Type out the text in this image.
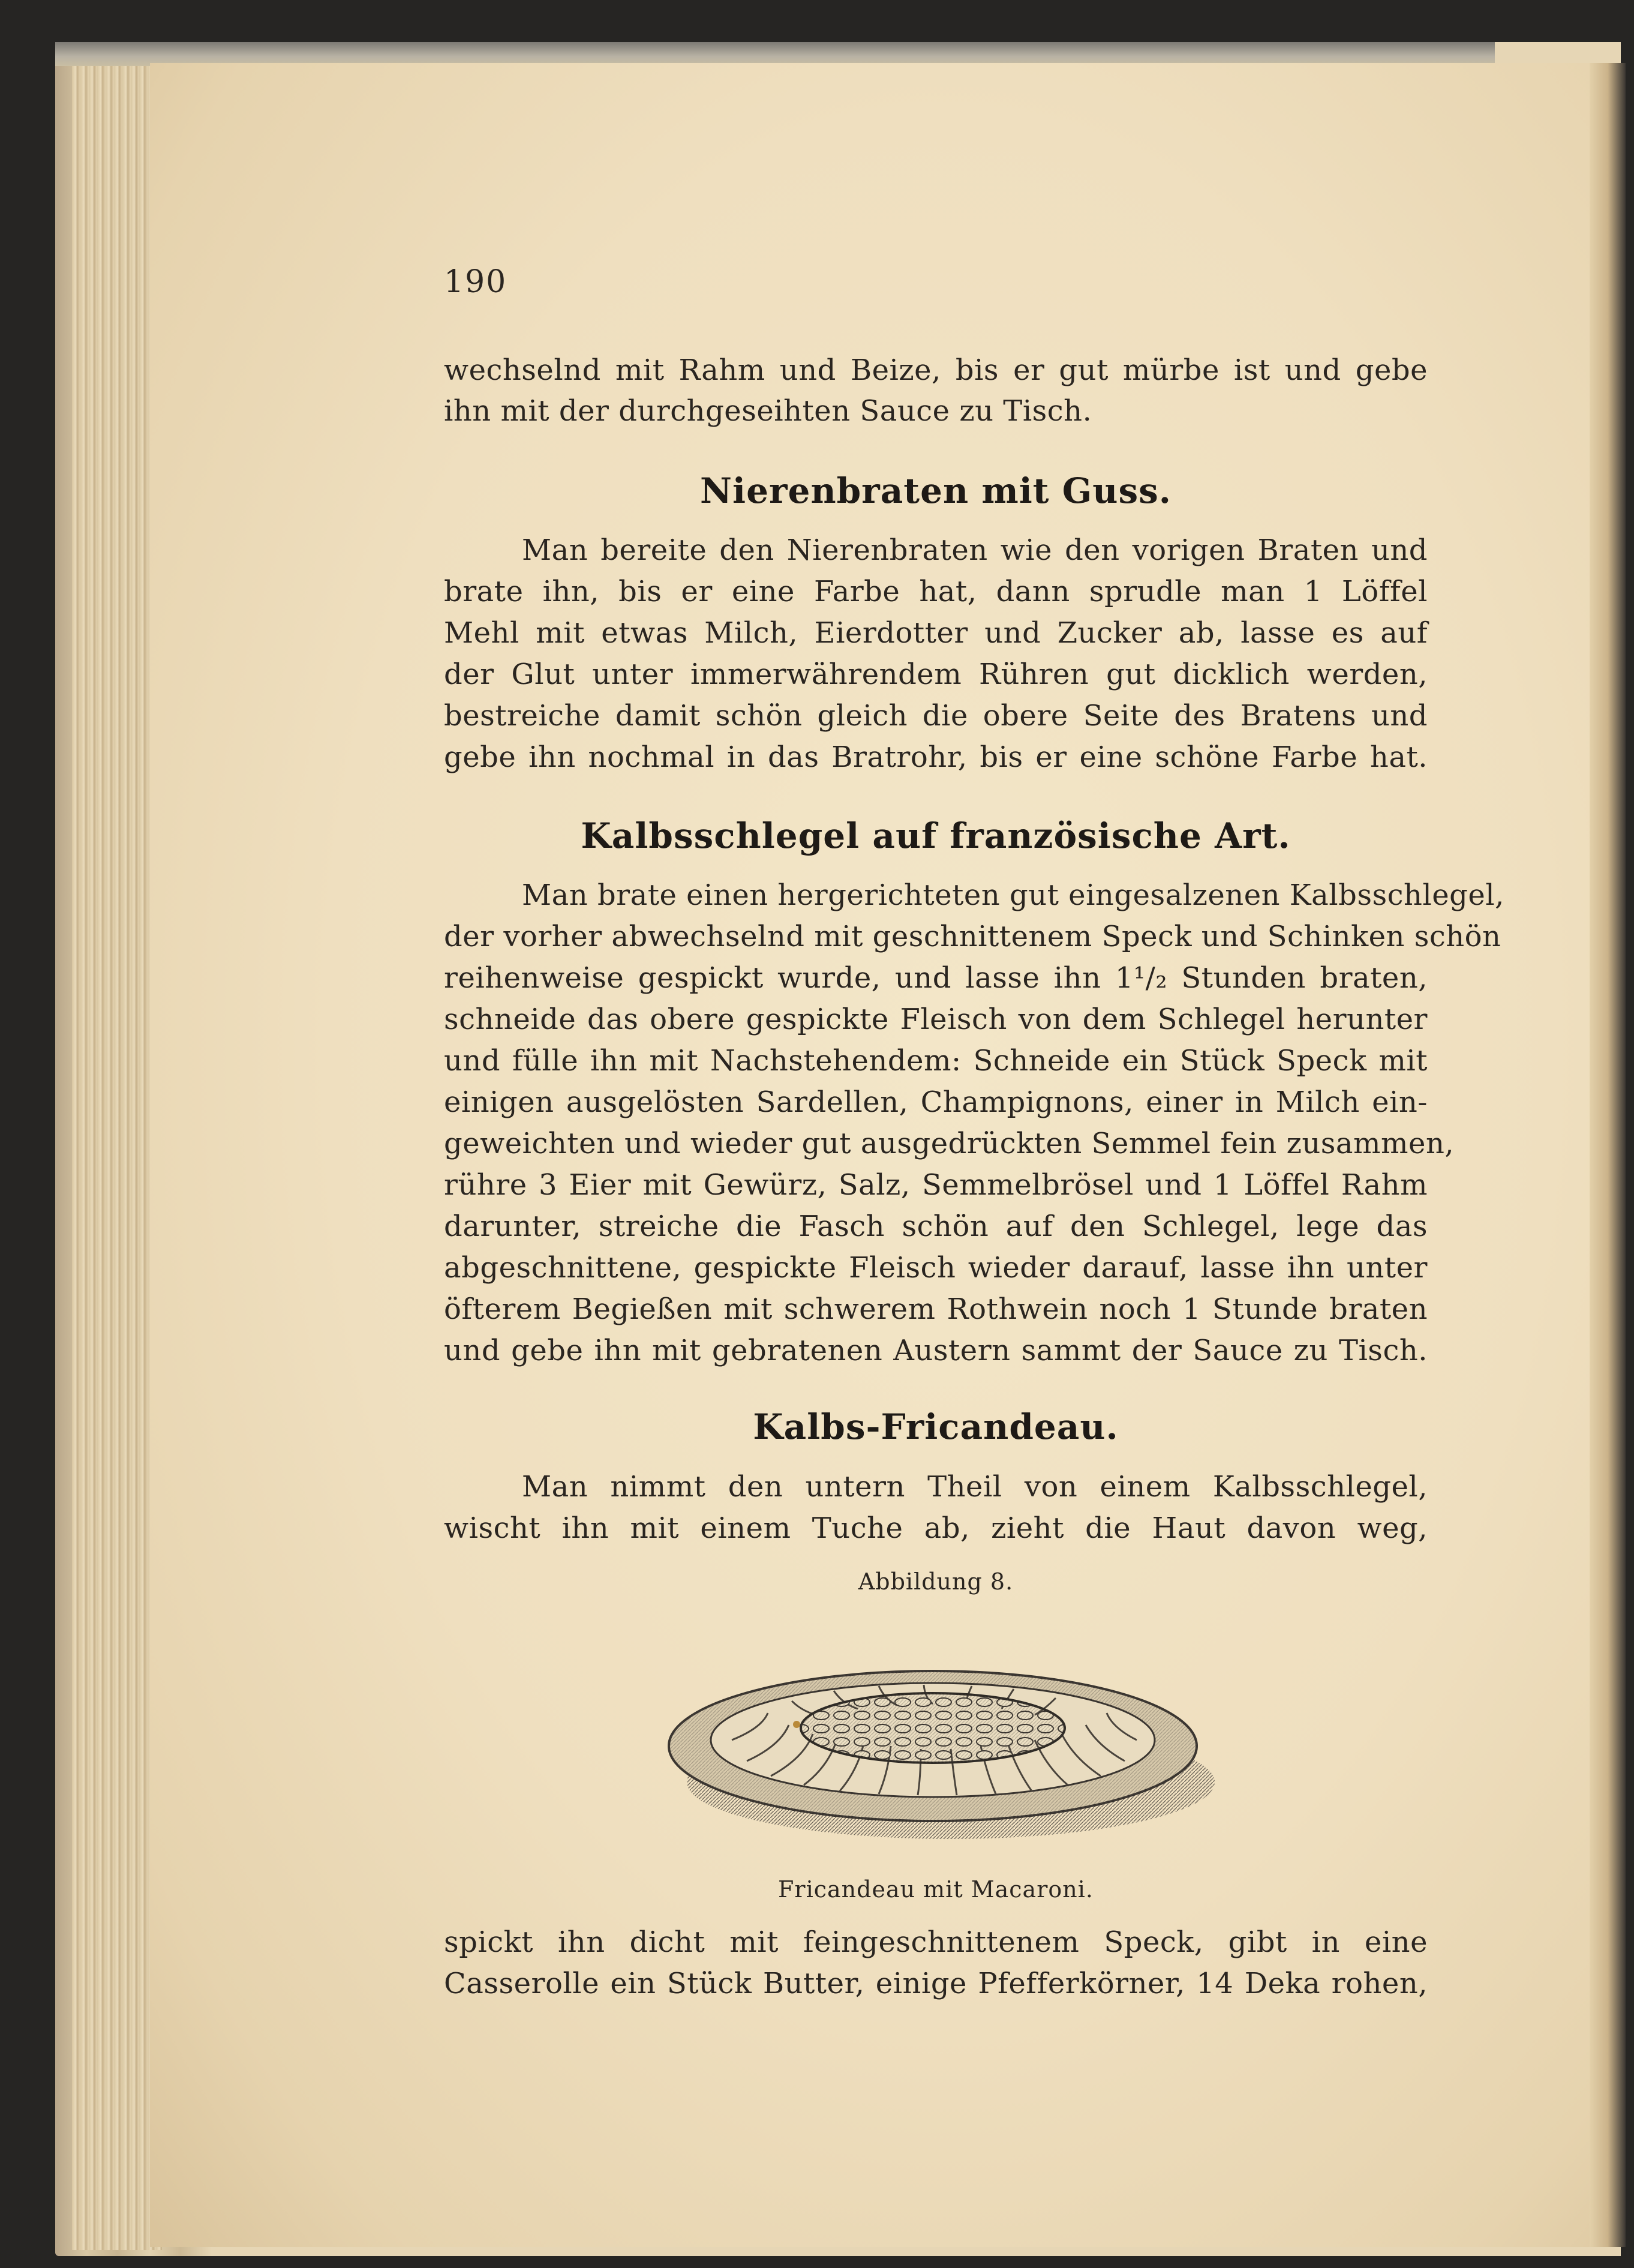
190
wechselnd mit Rahm und Beize, bis er gut mürbe ist und gebe
ihn mit der durchgeseihten Sauce zu Tisch.
Nierenbraten mit Guss.
Man bereite den Nierenbraten wie den vorigen Braten und
brate ihn, bis er eine Farbe hat, dann sprudle man 1 Löffel
Mehl mit etwas Milch, Eierdotter und Zucker ab, lasse es auf
der Glut unter immerwährendem Rühren gut dicklich werden,
bestreiche damit schön gleich die obere Seite des Bratens und
gebe ihn nochmal in das Bratrohr, bis er eine schöne Farbe hat.
Kalbsschlegel auf französische Art.
Man brate einen hergerichteten gut eingesalzenen Kalbsschlegel,
der vorher abwechselnd mit geschnittenem Speck und Schinken schön
reihenweise gespickt wurde, und lasse ihn 1¹/₂ Stunden braten,
schneide das obere gespickte Fleisch von dem Schlegel herunter
und fülle ihn mit Nachstehendem: Schneide ein Stück Speck mit
einigen ausgelösten Sardellen, Champignons, einer in Milch ein-
geweichten und wieder gut ausgedrückten Semmel fein zusammen,
rühre 3 Eier mit Gewürz, Salz, Semmelbrösel und 1 Löffel Rahm
darunter, streiche die Fasch schön auf den Schlegel, lege das
abgeschnittene, gespickte Fleisch wieder darauf, lasse ihn unter
öfterem Begießen mit schwerem Rothwein noch 1 Stunde braten
und gebe ihn mit gebratenen Austern sammt der Sauce zu Tisch.
Kalbs-Fricandeau.
Man nimmt den untern Theil von einem Kalbsschlegel,
wischt ihn mit einem Tuche ab, zieht die Haut davon weg,
Abbildung 8.
Fricandeau mit Macaroni.
spickt ihn dicht mit feingeschnittenem Speck, gibt in eine
Casserolle ein Stück Butter, einige Pfefferkörner, 14 Deka rohen,
